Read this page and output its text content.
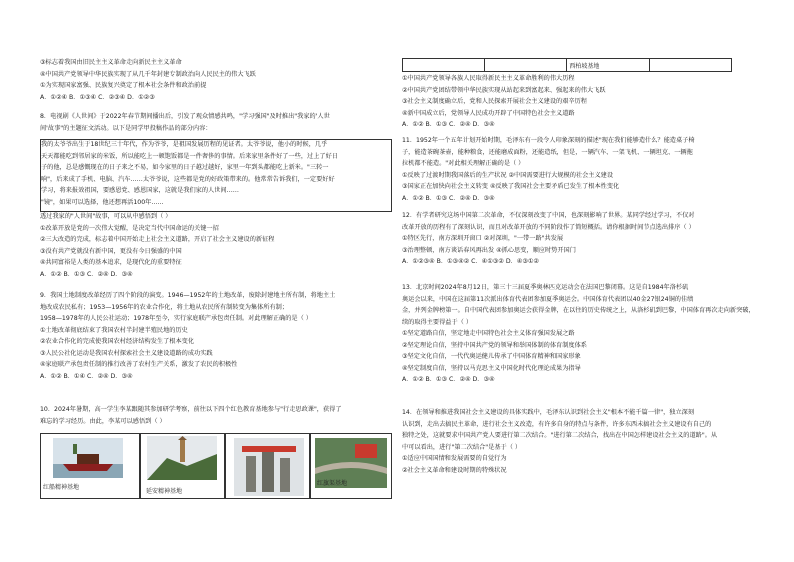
③标志着我国由旧民主主义革命走向新民主主义革命
④中国共产党领导中华民族实现了从几千年封建专制政治向人民民主的伟大飞跃
①为实现国家富强、民族复兴奠定了根本社会条件和政治前提
A．①②④ B．①③④ C．②③④ D．①②③
8．电视剧《人世间》于2022年春节期间播出后，引发了观众情感共鸣，"学习强国"及时推出"我家的'人世
间'故事"的主题征文活动。以下是同学甲投稿作品的部分内容：
我的太爷爷出生于18世纪三十年代，作为爷爷，是祖国发展历程的见证者。太爷爷说，他小的时候，几乎
天天都能吃到邻居家的米饭，所以能吃上一顿饱饭都是一件奢侈的事情。后来家里条件好了一些，过上了好日
子的他，总是感慨现在的日子来之不易，如今家里的日子越过越好，家里一年到头都能吃上新米。"三转一
响"，后来成了手机、电脑、汽车……太爷爷说，这些都是党的好政策带来的。他常常告诉我们，一定要好好
学习，将来报效祖国，要感恩党、感恩国家，这就是我们家的人世间……
"镜"，如果可以选择，他还想再活100年……
透过我家的"人世间"故事，可以从中感悟到（ ）
①改革开放是党的一次伟大觉醒，是决定当代中国命运的关键一招
②三大改造的完成，标志着中国开始走上社会主义道路，开启了社会主义建设的新征程
③没有共产党就没有新中国，更没有今日强盛的中国
④共同富裕是人类的基本追求，是现代化的重要特征
A．①② B．①③ C．②④ D．③④
9．我国土地制度改革经历了四个阶段的演变。1946—1952年的土地改革，废除封建地主所有制，将地主土
地改成农民私有；1953—1956年的农业合作化，将土地从农民所有制转变为集体所有制；
1958—1978年的人民公社运动；1978年至今，实行家庭联产承包责任制。对此理解正确的是（ ）
①土地改革彻底结束了我国农村半封建半殖民地的历史
②农业合作化的完成使我国农村经济结构发生了根本变化
③人民公社化运动是我国农村探索社会主义建设道路的成功实践
④家庭联产承包责任制的推行改善了农村生产关系，激发了农民的积极性
A．①② B．①④ C．②④ D．③④
10．2024年暑期，高一学生李某跟随其参加研学考察，前往以下四个红色教育基地参与"行走思政课"，获得了
难忘的学习经历。由此，李某可以感悟到（ ）
①中国共产党领导各族人民取得新民主主义革命胜利的伟大历程
②中国共产党团结带领中华民族实现从站起来到富起来、强起来的伟大飞跃
③社会主义制度确立后，党和人民探索开展社会主义建设的艰辛历程
④新中国成立后，党领导人民成功开辟了中国特色社会主义道路
A．①② B．①③ C．②④ D．③④
11．1952年一个五年计划开始时期，毛泽东有一段令人印象深刻的描述"现在我们能够造什么？能造桌子椅
子，能造茶碗茶壶，能种粮食，还能磨成面粉，还能造纸，但是，一辆汽车、一架飞机、一辆坦克、一辆拖
拉机都不能造。"对此相关理解正确的是（ ）
①反映了过渡时期我国落后的生产状况 ②中国需要进行大规模的社会主义建设
③国家正在加快向社会主义转变 ④反映了我国社会主要矛盾已发生了根本性变化
A．①② B．①③ C．②④ D．③④
12．有学者研究这场中国第二次革命，不仅深刻改变了中国，也深刻影响了世界。某同学经过学习，不仅对
改革开放的历程有了深刻认识，而且对改革开放的不同阶段作了简短概括。请你根据时间节点选出排序（ ）
①特区先行，南方深圳开窗口 ②对深圳，"一带一路"共发展
③治理整顿，南方谈话春风再出发 ④抓心思变，顺应时势开国门
A．①②③④ B．①③④② C．④①③② D．④③①②
13．北京时间2024年8月12日，第三十三届夏季奥林匹克运动会在法国巴黎闭幕。这是自1984年洛杉矶
奥运会以来，中国在这届第11次派出体育代表团参加夏季奥运会。中国体育代表团以40金27银24铜的佳绩
金，并列金牌榜第一。自中国代表团参加奥运会获得金牌，在以往的历史传统之上，从洛杉矶到巴黎，中国体育再次走向新突破，
续的取得主要得益于（ ）
①坚定道路自信，坚定地走中国特色社会主义体育强国发展之路
②坚定理论自信，坚持中国共产党的领导和举国体制的体育制度体系
③坚定文化自信，一代代奥运健儿传承了中国体育精神和国家形象
④坚定制度自信，坚持以马克思主义中国化时代化理论成果为指导
A．①② B．①③ C．②④ D．③④
14．在领导和推进我国社会主义建设的具体实践中，毛泽东认识到社会主义"根本不能千篇一律"，独立深刻
认识到，走出去搞民主革命，进行社会主义改造，有许多自身的特点与条件，许多东西未搞社会主义建设有自己的
独特之处，这就要求中国共产党人要进行第二次结合。"进行第二次结合，找出在中国怎样建设社会主义的道路"。从
中可以看出，进行"第二次结合"是基于（ ）
①适应中国国情和发展需要的自觉行为
②社会主义革命和建设时期的特殊状况
红船精神基地
延安精神基地
红旗渠基地
		西柏坡基地	
